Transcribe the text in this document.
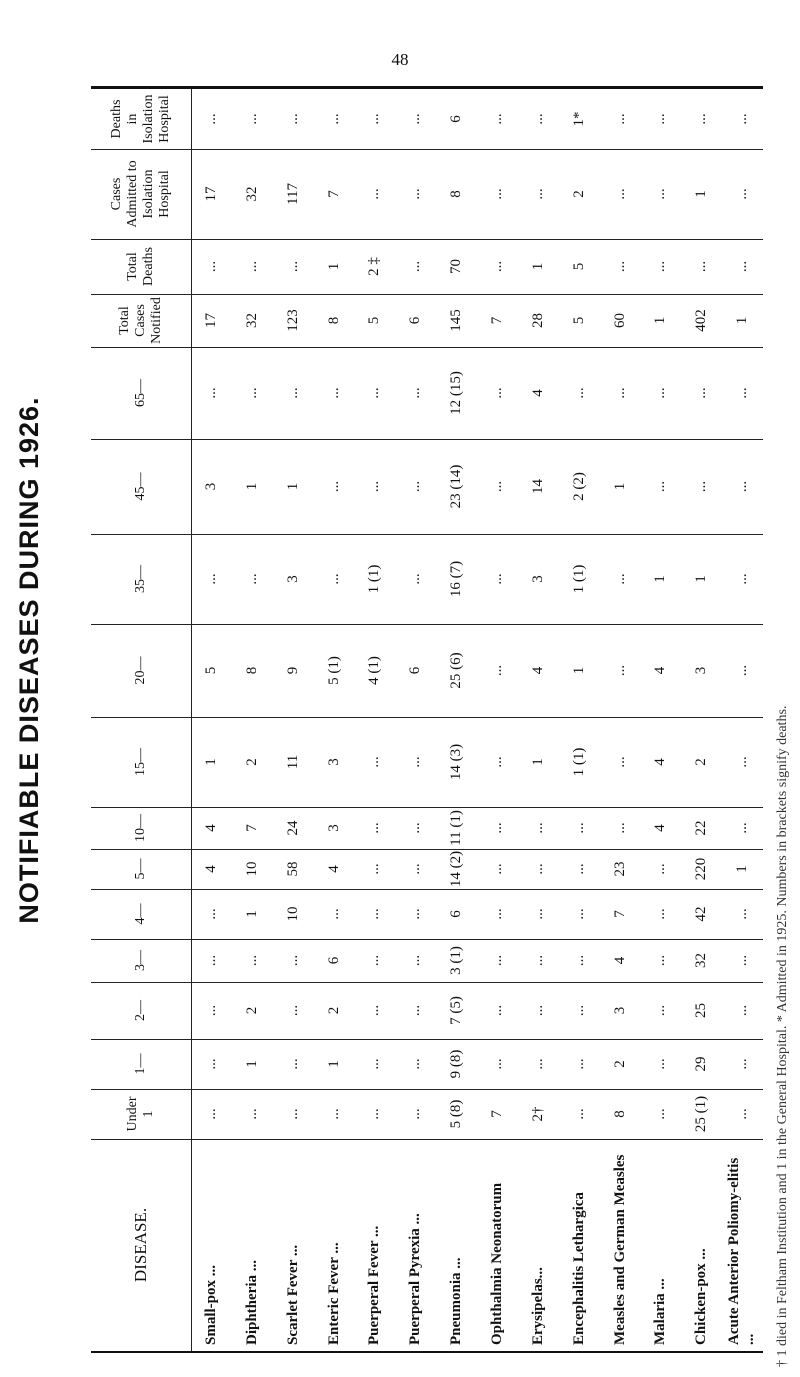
NOTIFIABLE DISEASES DURING 1926.
48
Deaths in Isolation Hospital
Cases Admitted to Isolation Hospital
Total Deaths
Total Cases Notified
65—
45—
35—
20—
15—
10—
5—
4—
3—
2—
1—
Under 1
DISEASE.
...
17
...
17
...
3
...
5
1
4
4
...
...
...
...
...
Small-pox ...
...
32
...
32
...
1
...
8
2
7
10
1
...
2
1
...
Diphtheria ...
...
117
...
123
...
1
3
9
11
24
58
10
...
...
...
...
Scarlet Fever ...
...
7
1
8
...
...
...
5 (1)
3
3
4
...
6
2
1
...
Enteric Fever ...
...
...
2 ‡
5
...
...
1 (1)
4 (1)
...
...
...
...
...
...
...
...
Puerperal Fever ...
...
...
...
6
...
...
...
6
...
...
...
...
...
...
...
...
Puerperal Pyrexia ...
6
8
70
145
12 (15)
23 (14)
16 (7)
25 (6)
14 (3)
11 (1)
14 (2)
6
3 (1)
7 (5)
9 (8)
5 (8)
Pneumonia ...
...
...
...
7
...
...
...
...
...
...
...
...
...
...
...
7
Ophthalmia Neonatorum
...
...
1
28
4
14
3
4
1
...
...
...
...
...
...
2†
Erysipelas...
1*
2
5
5
...
2 (2)
1 (1)
1
1 (1)
...
...
...
...
...
...
...
Encephalitis Lethargica
...
...
...
60
...
1
...
...
...
...
23
7
4
3
2
8
Measles and German Measles
...
...
...
1
...
...
1
4
4
4
...
...
...
...
...
...
Malaria ...
...
1
...
402
...
...
1
3
2
22
220
42
32
25
29
25 (1)
Chicken-pox ...
...
...
...
1
...
...
...
...
...
...
1
...
...
...
...
...
Acute Anterior Poliomy-elitis ...	† 1 died in Feltham Institution and 1 in the General Hospital. * Admitted in 1925. Numbers in brackets signify deaths.
